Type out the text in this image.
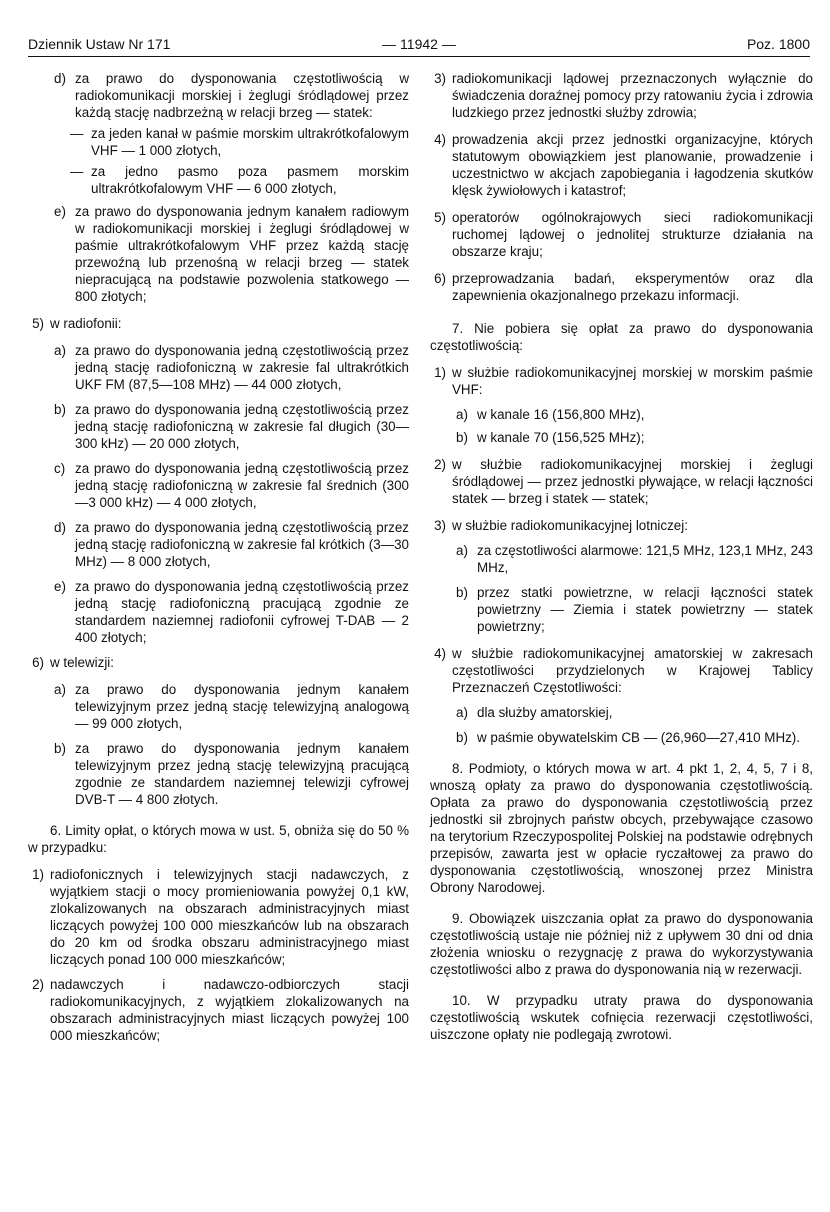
Dziennik Ustaw Nr 171	— 11942 —	Poz. 1800
d) za prawo do dysponowania częstotliwością w radiokomunikacji morskiej i żeglugi śródlądowej przez każdą stację nadbrzeżną w relacji brzeg — statek:
— za jeden kanał w paśmie morskim ultrakrótkofalowym VHF — 1 000 złotych,
— za jedno pasmo poza pasmem morskim ultrakrótkofalowym VHF — 6 000 złotych,
e) za prawo do dysponowania jednym kanałem radiowym w radiokomunikacji morskiej i żeglugi śródlądowej w paśmie ultrakrótkofalowym VHF przez każdą stację przewoźną lub przenośną w relacji brzeg — statek niepracującą na podstawie pozwolenia statkowego — 800 złotych;
5) w radiofonii:
a) za prawo do dysponowania jedną częstotliwością przez jedną stację radiofoniczną w zakresie fal ultrakrótkich UKF FM (87,5—108 MHz) — 44 000 złotych,
b) za prawo do dysponowania jedną częstotliwością przez jedną stację radiofoniczną w zakresie fal długich (30—300 kHz) — 20 000 złotych,
c) za prawo do dysponowania jedną częstotliwością przez jedną stację radiofoniczną w zakresie fal średnich (300—3 000 kHz) — 4 000 złotych,
d) za prawo do dysponowania jedną częstotliwością przez jedną stację radiofoniczną w zakresie fal krótkich (3—30 MHz) — 8 000 złotych,
e) za prawo do dysponowania jedną częstotliwością przez jedną stację radiofoniczną pracującą zgodnie ze standardem naziemnej radiofonii cyfrowej T-DAB — 2 400 złotych;
6) w telewizji:
a) za prawo do dysponowania jednym kanałem telewizyjnym przez jedną stację telewizyjną analogową — 99 000 złotych,
b) za prawo do dysponowania jednym kanałem telewizyjnym przez jedną stację telewizyjną pracującą zgodnie ze standardem naziemnej telewizji cyfrowej DVB-T — 4 800 złotych.
6. Limity opłat, o których mowa w ust. 5, obniża się do 50 % w przypadku:
1) radiofonicznych i telewizyjnych stacji nadawczych, z wyjątkiem stacji o mocy promieniowania powyżej 0,1 kW, zlokalizowanych na obszarach administracyjnych miast liczących powyżej 100 000 mieszkańców lub na obszarach do 20 km od środka obszaru administracyjnego miast liczących ponad 100 000 mieszkańców;
2) nadawczych i nadawczo-odbiorczych stacji radiokomunikacyjnych, z wyjątkiem zlokalizowanych na obszarach administracyjnych miast liczących powyżej 100 000 mieszkańców;
3) radiokomunikacji lądowej przeznaczonych wyłącznie do świadczenia doraźnej pomocy przy ratowaniu życia i zdrowia ludzkiego przez jednostki służby zdrowia;
4) prowadzenia akcji przez jednostki organizacyjne, których statutowym obowiązkiem jest planowanie, prowadzenie i uczestnictwo w akcjach zapobiegania i łagodzenia skutków klęsk żywiołowych i katastrof;
5) operatorów ogólnokrajowych sieci radiokomunikacji ruchomej lądowej o jednolitej strukturze działania na obszarze kraju;
6) przeprowadzania badań, eksperymentów oraz dla zapewnienia okazjonalnego przekazu informacji.
7. Nie pobiera się opłat za prawo do dysponowania częstotliwością:
1) w służbie radiokomunikacyjnej morskiej w morskim paśmie VHF:
a) w kanale 16 (156,800 MHz),
b) w kanale 70 (156,525 MHz);
2) w służbie radiokomunikacyjnej morskiej i żeglugi śródlądowej — przez jednostki pływające, w relacji łączności statek — brzeg i statek — statek;
3) w służbie radiokomunikacyjnej lotniczej:
a) za częstotliwości alarmowe: 121,5 MHz, 123,1 MHz, 243 MHz,
b) przez statki powietrzne, w relacji łączności statek powietrzny — Ziemia i statek powietrzny — statek powietrzny;
4) w służbie radiokomunikacyjnej amatorskiej w zakresach częstotliwości przydzielonych w Krajowej Tablicy Przeznaczeń Częstotliwości:
a) dla służby amatorskiej,
b) w paśmie obywatelskim CB — (26,960—27,410 MHz).
8. Podmioty, o których mowa w art. 4 pkt 1, 2, 4, 5, 7 i 8, wnoszą opłaty za prawo do dysponowania częstotliwością. Opłata za prawo do dysponowania częstotliwością przez jednostki sił zbrojnych państw obcych, przebywające czasowo na terytorium Rzeczypospolitej Polskiej na podstawie odrębnych przepisów, zawarta jest w opłacie ryczałtowej za prawo do dysponowania częstotliwością, wnoszonej przez Ministra Obrony Narodowej.
9. Obowiązek uiszczania opłat za prawo do dysponowania częstotliwością ustaje nie później niż z upływem 30 dni od dnia złożenia wniosku o rezygnację z prawa do wykorzystywania częstotliwości albo z prawa do dysponowania nią w rezerwacji.
10. W przypadku utraty prawa do dysponowania częstotliwością wskutek cofnięcia rezerwacji częstotliwości, uiszczone opłaty nie podlegają zwrotowi.
